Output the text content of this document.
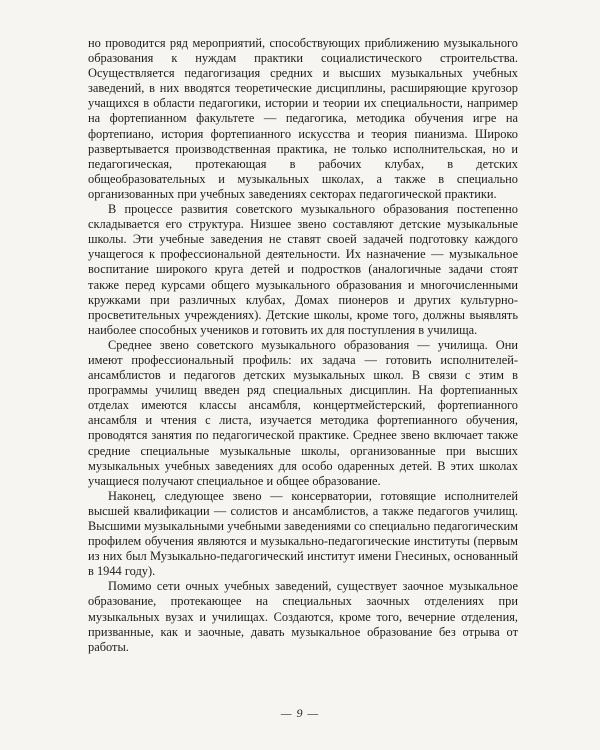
но проводится ряд мероприятий, способствующих приближению музыкального образования к нуждам практики социалистического строительства. Осуществляется педагогизация средних и высших музыкальных учебных заведений, в них вводятся теоретические дисциплины, расширяющие кругозор учащихся в области педагогики, истории и теории их специальности, например на фортепианном факультете — педагогика, методика обучения игре на фортепиано, история фортепианного искусства и теория пианизма. Широко развертывается производственная практика, не только исполнительская, но и педагогическая, протекающая в рабочих клубах, в детских общеобразовательных и музыкальных школах, а также в специально организованных при учебных заведениях секторах педагогической практики.

В процессе развития советского музыкального образования постепенно складывается его структура. Низшее звено составляют детские музыкальные школы. Эти учебные заведения не ставят своей задачей подготовку каждого учащегося к профессиональной деятельности. Их назначение — музыкальное воспитание широкого круга детей и подростков (аналогичные задачи стоят также перед курсами общего музыкального образования и многочисленными кружками при различных клубах, Домах пионеров и других культурно-просветительных учреждениях). Детские школы, кроме того, должны выявлять наиболее способных учеников и готовить их для поступления в училища.

Среднее звено советского музыкального образования — училища. Они имеют профессиональный профиль: их задача — готовить исполнителей-ансамблистов и педагогов детских музыкальных школ. В связи с этим в программы училищ введен ряд специальных дисциплин. На фортепианных отделах имеются классы ансамбля, концертмейстерский, фортепианного ансамбля и чтения с листа, изучается методика фортепианного обучения, проводятся занятия по педагогической практике. Среднее звено включает также средние специальные музыкальные школы, организованные при высших музыкальных учебных заведениях для особо одаренных детей. В этих школах учащиеся получают специальное и общее образование.

Наконец, следующее звено — консерватории, готовящие исполнителей высшей квалификации — солистов и ансамблистов, а также педагогов училищ. Высшими музыкальными учебными заведениями со специально педагогическим профилем обучения являются и музыкально-педагогические институты (первым из них был Музыкально-педагогический институт имени Гнесиных, основанный в 1944 году).

Помимо сети очных учебных заведений, существует заочное музыкальное образование, протекающее на специальных заочных отделениях при музыкальных вузах и училищах. Создаются, кроме того, вечерние отделения, призванные, как и заочные, давать музыкальное образование без отрыва от работы.

— 9 —
